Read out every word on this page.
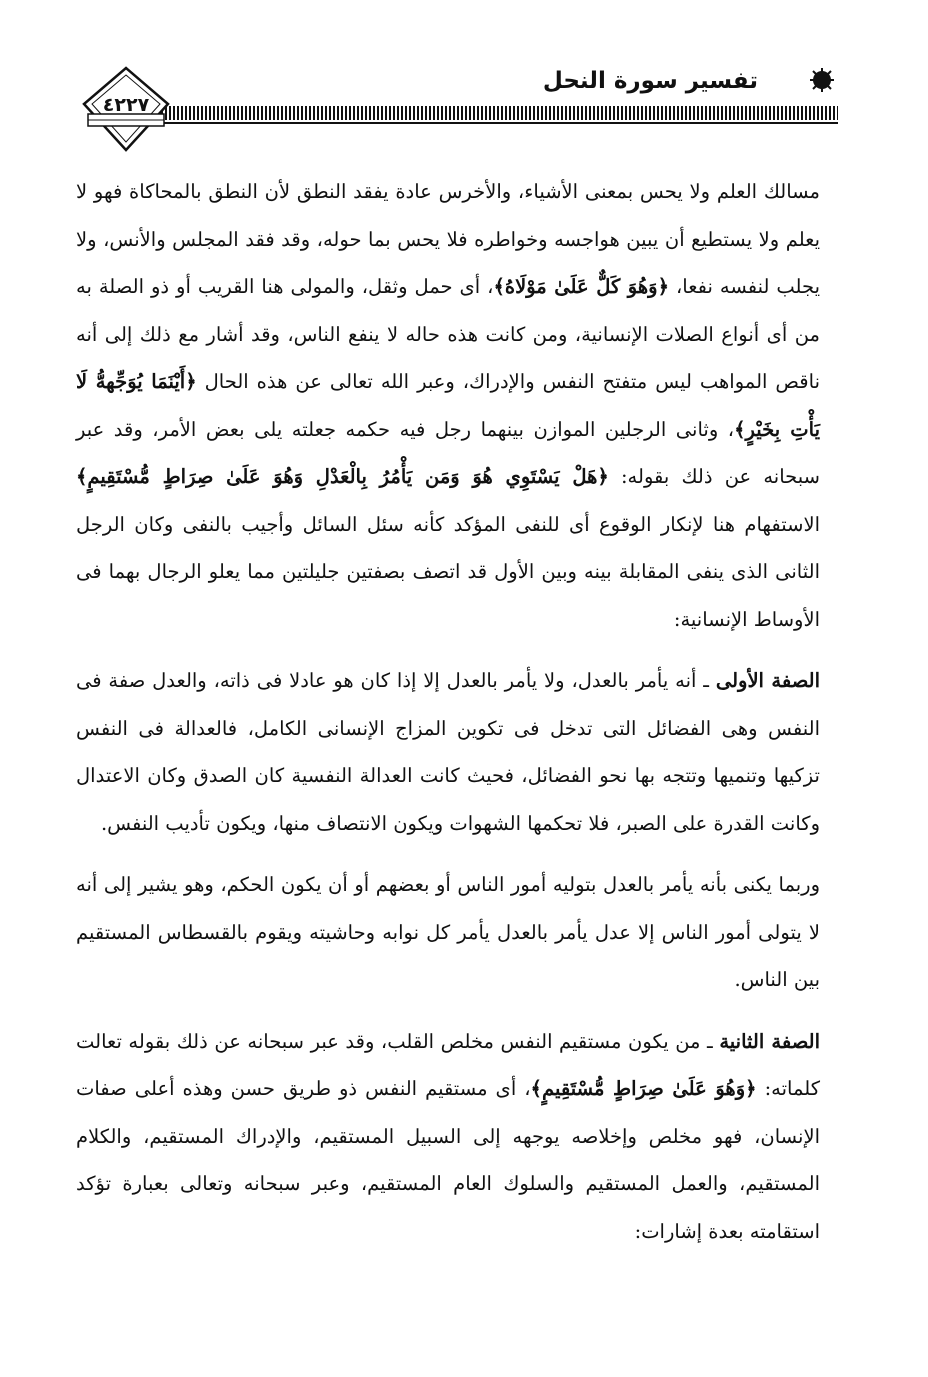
تفسير سورة النحل
٤٢٢٧

مسالك العلم ولا يحس بمعنى الأشياء، والأخرس عادة يفقد النطق لأن النطق بالمحاكاة فهو لا يعلم ولا يستطيع أن يبين هواجسه وخواطره فلا يحس بما حوله، وقد فقد المجلس والأنس، ولا يجلب لنفسه نفعا، ﴿وَهُوَ كَلٌّ عَلَىٰ مَوْلَاهُ﴾، أى حمل وثقل، والمولى هنا القريب أو ذو الصلة به من أى أنواع الصلات الإنسانية، ومن كانت هذه حاله لا ينفع الناس، وقد أشار مع ذلك إلى أنه ناقص المواهب ليس متفتح النفس والإدراك، وعبر الله تعالى عن هذه الحال ﴿أَيْنَمَا يُوَجِّههُّ لَا يَأْتِ بِخَيْرٍ﴾، وثانى الرجلين الموازن بينهما رجل فيه حكمه جعلته يلى بعض الأمر، وقد عبر سبحانه عن ذلك بقوله: ﴿هَلْ يَسْتَوِي هُوَ وَمَن يَأْمُرُ بِالْعَدْلِ وَهُوَ عَلَىٰ صِرَاطٍ مُّسْتَقِيمٍ﴾ الاستفهام هنا لإنكار الوقوع أى للنفى المؤكد كأنه سئل السائل وأجيب بالنفى وكان الرجل الثانى الذى ينفى المقابلة بينه وبين الأول قد اتصف بصفتين جليلتين مما يعلو الرجال بهما فى الأوساط الإنسانية:

الصفة الأولى ـ أنه يأمر بالعدل، ولا يأمر بالعدل إلا إذا كان هو عادلا فى ذاته، والعدل صفة فى النفس وهى الفضائل التى تدخل فى تكوين المزاج الإنسانى الكامل، فالعدالة فى النفس تزكيها وتنميها وتتجه بها نحو الفضائل، فحيث كانت العدالة النفسية كان الصدق وكان الاعتدال وكانت القدرة على الصبر، فلا تحكمها الشهوات ويكون الانتصاف منها، ويكون تأديب النفس.

وربما يكنى بأنه يأمر بالعدل بتوليه أمور الناس أو بعضهم أو أن يكون الحكم، وهو يشير إلى أنه لا يتولى أمور الناس إلا عدل يأمر بالعدل يأمر كل نوابه وحاشيته ويقوم بالقسطاس المستقيم بين الناس.

الصفة الثانية ـ من يكون مستقيم النفس مخلص القلب، وقد عبر سبحانه عن ذلك بقوله تعالت كلماته: ﴿وَهُوَ عَلَىٰ صِرَاطٍ مُّسْتَقِيمٍ﴾، أى مستقيم النفس ذو طريق حسن وهذه أعلى صفات الإنسان، فهو مخلص وإخلاصه يوجهه إلى السبيل المستقيم، والإدراك المستقيم، والكلام المستقيم، والعمل المستقيم والسلوك العام المستقيم، وعبر سبحانه وتعالى بعبارة تؤكد استقامته بعدة إشارات:
